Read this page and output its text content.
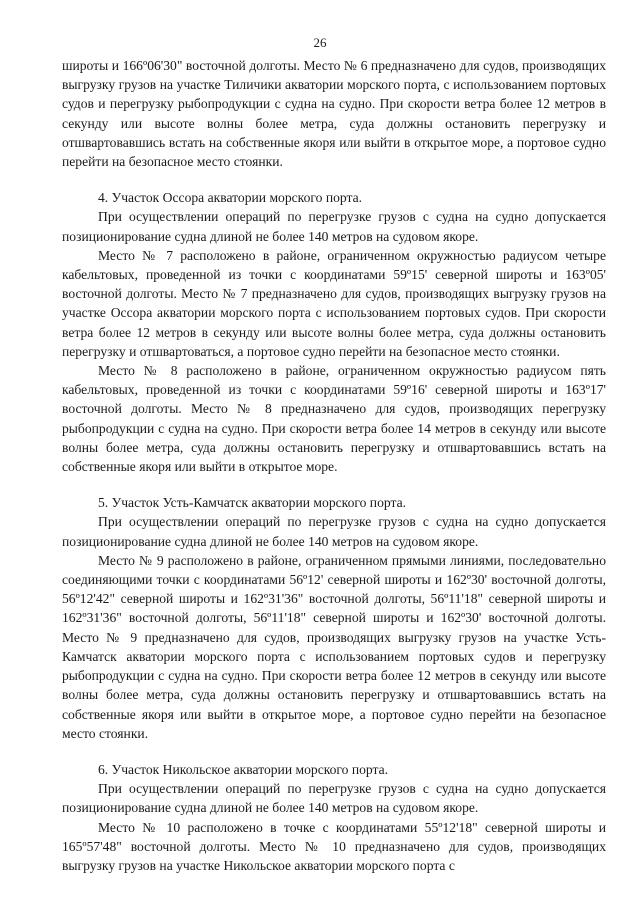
26

широты и 166º06'30" восточной долготы. Место № 6 предназначено для судов, производящих выгрузку грузов на участке Тиличики акватории морского порта, с использованием портовых судов и перегрузку рыбопродукции с судна на судно. При скорости ветра более 12 метров в секунду или высоте волны более метра, суда должны остановить перегрузку и отшвартовавшись встать на собственные якоря или выйти в открытое море, а портовое судно перейти на безопасное место стоянки.

4. Участок Оссора акватории морского порта.

При осуществлении операций по перегрузке грузов с судна на судно допускается позиционирование судна длиной не более 140 метров на судовом якоре.

Место № 7 расположено в районе, ограниченном окружностью радиусом четыре кабельтовых, проведенной из точки с координатами 59º15' северной широты и 163º05' восточной долготы. Место № 7 предназначено для судов, производящих выгрузку грузов на участке Оссора акватории морского порта с использованием портовых судов. При скорости ветра более 12 метров в секунду или высоте волны более метра, суда должны остановить перегрузку и отшвартоваться, а портовое судно перейти на безопасное место стоянки.

Место № 8 расположено в районе, ограниченном окружностью радиусом пять кабельтовых, проведенной из точки с координатами 59º16' северной широты и 163º17' восточной долготы. Место № 8 предназначено для судов, производящих перегрузку рыбопродукции с судна на судно. При скорости ветра более 14 метров в секунду или высоте волны более метра, суда должны остановить перегрузку и отшвартовавшись встать на собственные якоря или выйти в открытое море.

5. Участок Усть-Камчатск акватории морского порта.

При осуществлении операций по перегрузке грузов с судна на судно допускается позиционирование судна длиной не более 140 метров на судовом якоре.

Место № 9 расположено в районе, ограниченном прямыми линиями, последовательно соединяющими точки с координатами 56º12' северной широты и 162º30' восточной долготы, 56º12'42" северной широты и 162º31'36" восточной долготы, 56º11'18" северной широты и 162º31'36" восточной долготы, 56º11'18" северной широты и 162º30' восточной долготы. Место № 9 предназначено для судов, производящих выгрузку грузов на участке Усть-Камчатск акватории морского порта с использованием портовых судов и перегрузку рыбопродукции с судна на судно. При скорости ветра более 12 метров в секунду или высоте волны более метра, суда должны остановить перегрузку и отшвартовавшись встать на собственные якоря или выйти в открытое море, а портовое судно перейти на безопасное место стоянки.

6. Участок Никольское акватории морского порта.

При осуществлении операций по перегрузке грузов с судна на судно допускается позиционирование судна длиной не более 140 метров на судовом якоре.

Место № 10 расположено в точке с координатами 55º12'18" северной широты и 165º57'48" восточной долготы. Место № 10 предназначено для судов, производящих выгрузку грузов на участке Никольское акватории морского порта с
